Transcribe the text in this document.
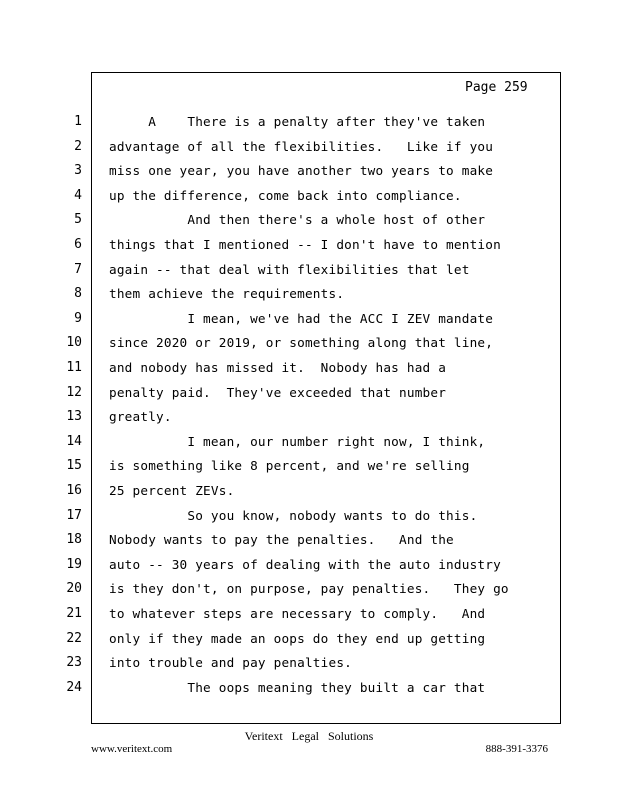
Page 259
1 A    There is a penalty after they've taken
2 advantage of all the flexibilities.   Like if you
3 miss one year, you have another two years to make
4 up the difference, come back into compliance.
5 And then there's a whole host of other
6 things that I mentioned -- I don't have to mention
7 again -- that deal with flexibilities that let
8 them achieve the requirements.
9 I mean, we've had the ACC I ZEV mandate
10 since 2020 or 2019, or something along that line,
11 and nobody has missed it.  Nobody has had a
12 penalty paid.  They've exceeded that number
13 greatly.
14 I mean, our number right now, I think,
15 is something like 8 percent, and we're selling
16 25 percent ZEVs.
17 So you know, nobody wants to do this.
18 Nobody wants to pay the penalties.   And the
19 auto -- 30 years of dealing with the auto industry
20 is they don't, on purpose, pay penalties.   They go
21 to whatever steps are necessary to comply.   And
22 only if they made an oops do they end up getting
23 into trouble and pay penalties.
24 The oops meaning they built a car that
Veritext Legal Solutions
www.veritext.com	888-391-3376
